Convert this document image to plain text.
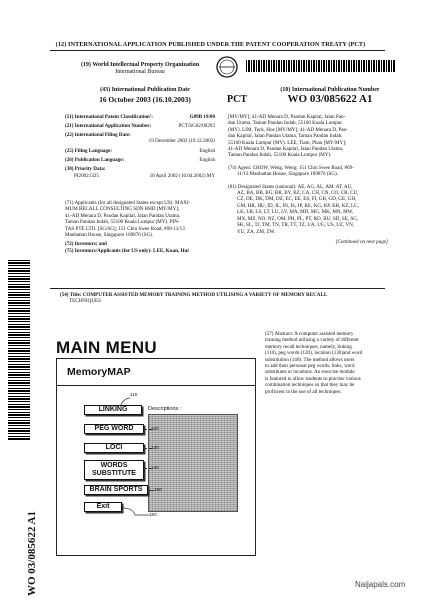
(12) INTERNATIONAL APPLICATION PUBLISHED UNDER THE PATENT COOPERATION TREATY (PCT)
(19) World Intellectual Property Organization
International Bureau
(43) International Publication Date
16 October 2003 (16.10.2003)	PCT
(10) International Publication Number
WO 03/085622 A1
(51) International Patent Classification⁷:	G09B 19/00
(21) International Application Number:	PCT/SG02/00293
(22) International Filing Date:
19 December 2002 (19.12.2002)
(25) Filing Language:	English
(26) Publication Language:	English
(30) Priority Data:
PI20021325	10 April 2002 (10.04.2002) MY
(71) Applicants (for all designated States except US): MAXI-
MUM RECALL CONSULTING SDN BHD [MY/MY];
41-AD Menara D, Pandan Kapital, Jalan Pandan Utama,
Taman Pandan Indah, 55100 Kuala Lumpur (MY). PIN-
TAS PTE LTD. [SG/SG]; 151 Chin Swee Road, #09-11/13
Manhattan House, Singapore 169876 (SG).
(72) Inventors; and
(75) Inventors/Applicants (for US only): LEE, Kuan, Hui
[MY/MY]; 41-AD Menara D, Pandan Kapital, Jalan Pan-
dan Utama, Taman Pandan Indah, 55100 Kuala Lumpur
(MY). LIM, Teck, Hoe [MY/MY]; 41-AD Menara D, Pan-
dan Kapital, Jalan Pandan Utama, Taman Pandan Indah,
55100 Kuala Lumpur (MY). LEE, Tiam, Phau [MY/MY];
41-AD Menara D, Pandan Kapital, Jalan Pandan Utama,
Taman Pandan Indah, 55100 Kuala Lumpur (MY).
(74) Agent: CHOW, Weng, Weng; 151 Chin Swee Road, #09-
11/13 Manhattan House, Singapore 169876 (SG).
(81) Designated States (national): AE, AG, AL, AM, AT, AU,
AZ, BA, BB, BG, BR, BY, BZ, CA, CH, CN, CO, CR, CU,
CZ, DE, DK, DM, DZ, EC, EE, ES, FI, GB, GD, GE, GH,
GM, HR, HU, ID, IL, IN, IS, JP, KE, KG, KP, KR, KZ, LC,
LK, LR, LS, LT, LU, LV, MA, MD, MG, MK, MN, MW,
MX, MZ, NO, NZ, OM, PH, PL, PT, RO, RU, SD, SE, SG,
SK, SL, TJ, TM, TN, TR, TT, TZ, UA, UG, US, UZ, VN,
YU, ZA, ZM, ZW.
[Continued on next page]
(54) Title: COMPUTER ASSISTED MEMORY TRAINING METHOD UTILISING A VARIETY OF MEMORY RECALL
TECHNIQUES
(57) Abstract: A computer assisted memory
training method utilising a variety of different
memory recall techniques, namely, linking
(110), peg words (120), location (130)and word
substitution (140). The method allows users
to add their personal peg words, links, word
substitutes or locations. An exercise module
is featured to allow students to practise various
combination techniques so that they may be
proficient in the use of all techniques.
MAIN MENU
MemoryMAP
Descriptions :
110
LINKING
PEG WORD	120
LOCI	130
WORDS SUBSTITUTE
140
BRAIN SPORTS	150
Exit
160
WO 03/085622 A1	Naijapals.com
